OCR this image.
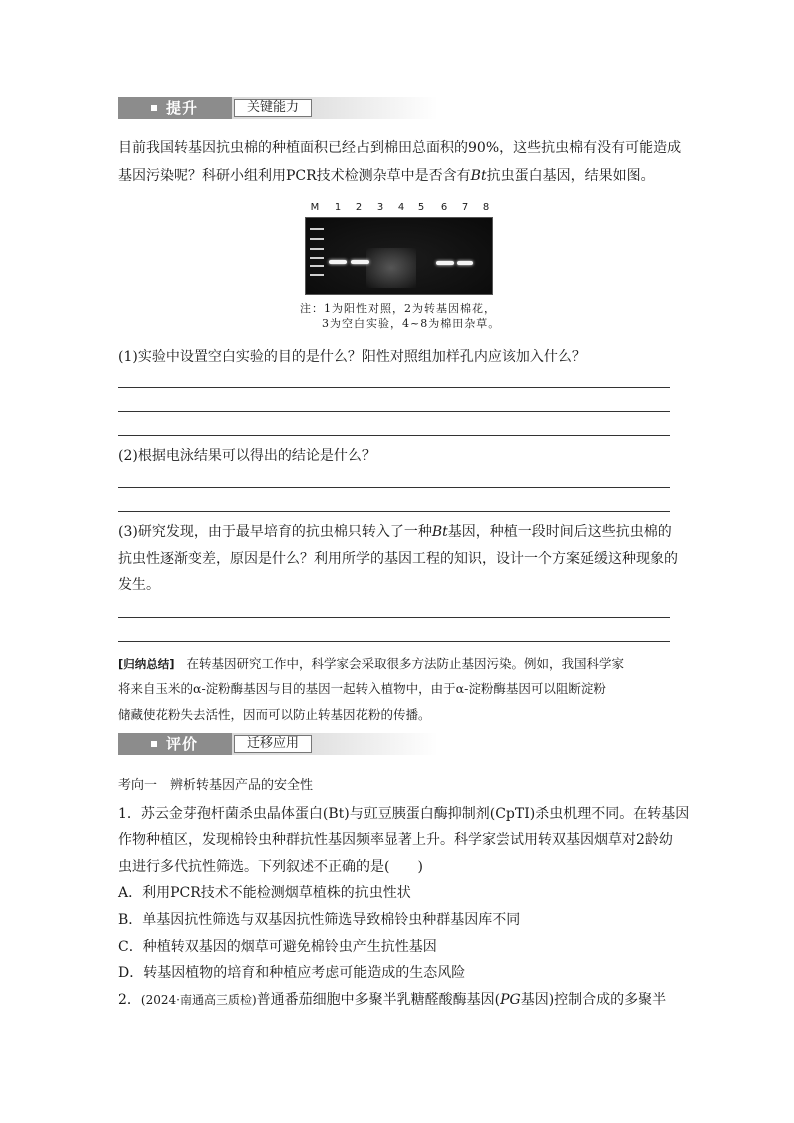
提升	关键能力
目前我国转基因抗虫棉的种植面积已经占到棉田总面积的90%，这些抗虫棉有没有可能造成
基因污染呢？科研小组利用PCR技术检测杂草中是否含有Bt抗虫蛋白基因，结果如图。
M 1 2 3 4 5 6 7 8
注：1为阳性对照，2为转基因棉花，
3为空白实验，4~8为棉田杂草。
(1)实验中设置空白实验的目的是什么？阳性对照组加样孔内应该加入什么？
(2)根据电泳结果可以得出的结论是什么？
(3)研究发现，由于最早培育的抗虫棉只转入了一种Bt基因，种植一段时间后这些抗虫棉的
抗虫性逐渐变差，原因是什么？利用所学的基因工程的知识，设计一个方案延缓这种现象的
发生。
[归纳总结] 在转基因研究工作中，科学家会采取很多方法防止基因污染。例如，我国科学家
将来自玉米的α-淀粉酶基因与目的基因一起转入植物中，由于α-淀粉酶基因可以阻断淀粉
储藏使花粉失去活性，因而可以防止转基因花粉的传播。
评价	迁移应用
考向一　辨析转基因产品的安全性
1．苏云金芽孢杆菌杀虫晶体蛋白(Bt)与豇豆胰蛋白酶抑制剂(CpTI)杀虫机理不同。在转基因
作物种植区，发现棉铃虫种群抗性基因频率显著上升。科学家尝试用转双基因烟草对2龄幼
虫进行多代抗性筛选。下列叙述不正确的是(　　)
A．利用PCR技术不能检测烟草植株的抗虫性状
B．单基因抗性筛选与双基因抗性筛选导致棉铃虫种群基因库不同
C．种植转双基因的烟草可避免棉铃虫产生抗性基因
D．转基因植物的培育和种植应考虑可能造成的生态风险
2．(2024·南通高三质检)普通番茄细胞中多聚半乳糖醛酸酶基因(PG基因)控制合成的多聚半
